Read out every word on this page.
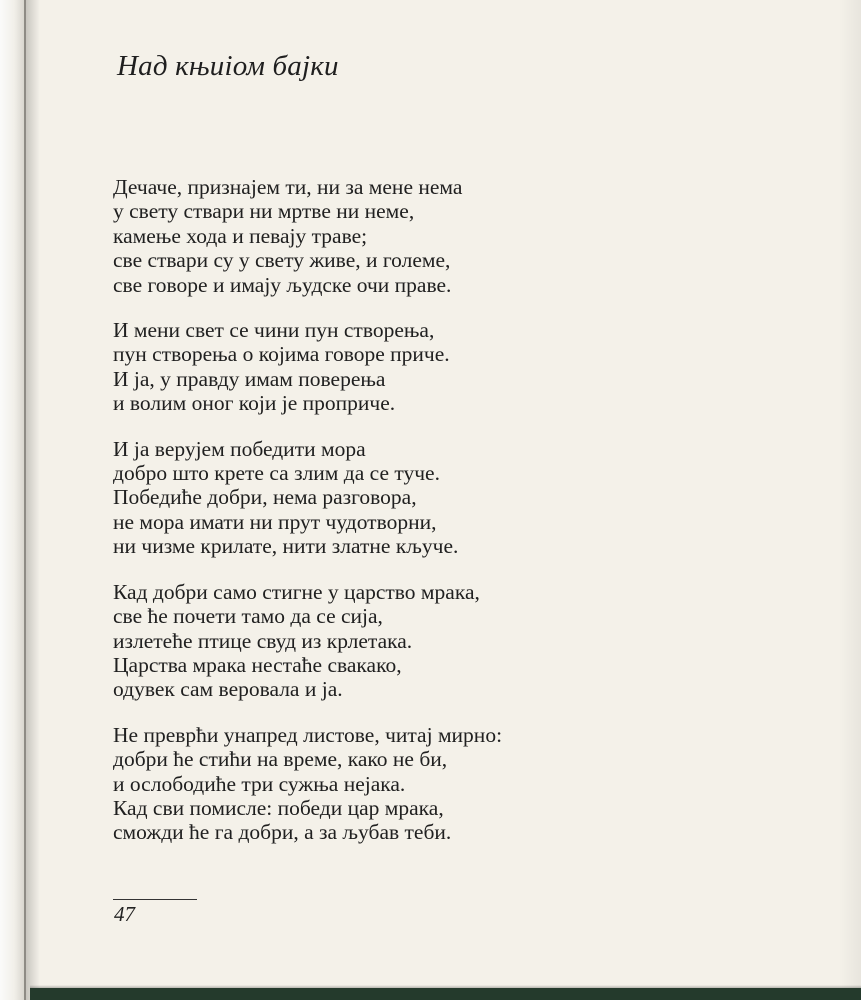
Над књиіом бајки
Дечаче, признајем ти, ни за мене нема
у свету ствари ни мртве ни неме,
камење хода и певају траве;
све ствари су у свету живе, и големе,
све говоре и имају људске очи праве.
И мени свет се чини пун створења,
пун створења о којима говоре приче.
И ја, у правду имам поверења
и волим оног који је проприче.
И ја верујем победити мора
добро што крете са злим да се туче.
Победиће добри, нема разговора,
не мора имати ни прут чудотворни,
ни чизме крилате, нити златне кључе.
Кад добри само стигне у царство мрака,
све ће почети тамо да се сија,
излетеће птице свуд из крлетака.
Царства мрака нестаће свакако,
одувек сам веровала и ја.
Не преврћи унапред листове, читај мирно:
добри ће стићи на време, како не би,
и ослободиће три сужња нејака.
Кад сви помисле: победи цар мрака,
сможди ће га добри, а за љубав теби.
47
